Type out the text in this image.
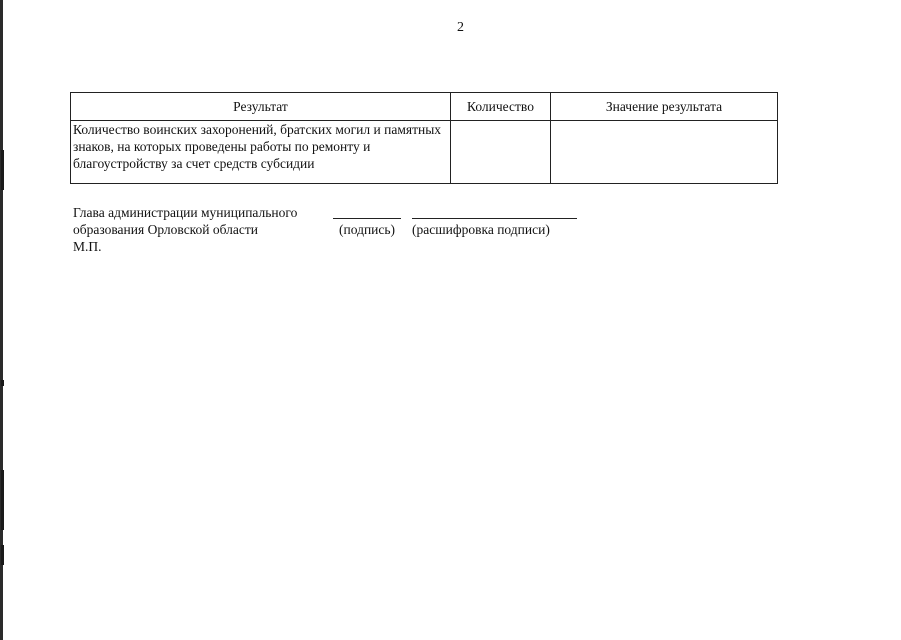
2
Результат	Количество	Значение результата
Количество воинских захоронений, братских могил и памятных знаков, на которых проведены работы по ремонту и благоустройству за счет средств субсидии		
Глава администрации муниципального
образования Орловской области
М.П.
(подпись) (расшифровка подписи)
